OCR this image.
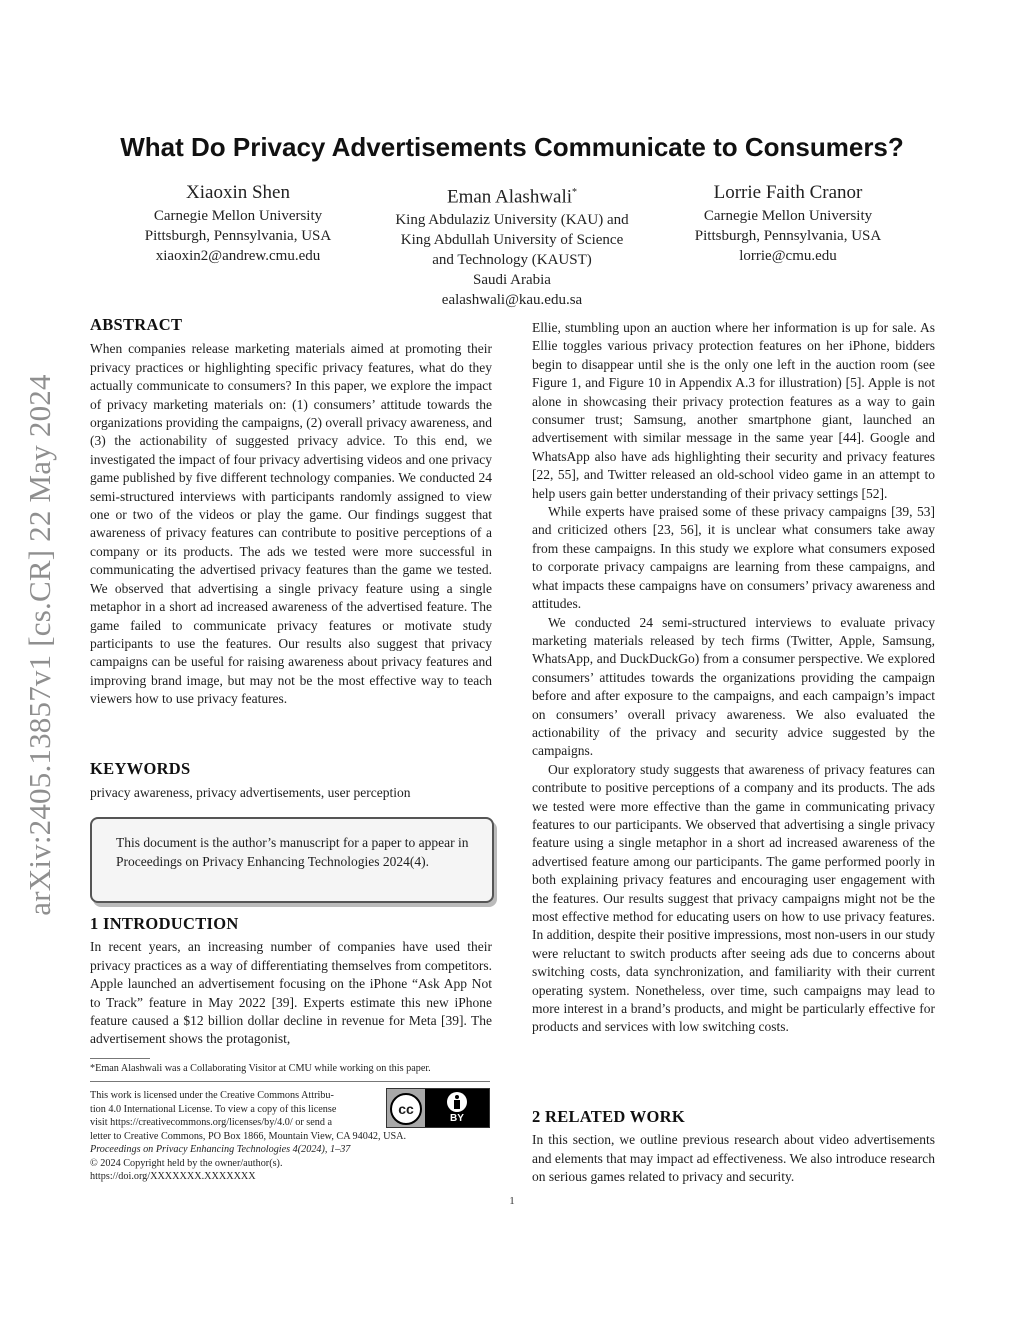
arXiv:2405.13857v1 [cs.CR] 22 May 2024
What Do Privacy Advertisements Communicate to Consumers?
Xiaoxin Shen
Carnegie Mellon University
Pittsburgh, Pennsylvania, USA
xiaoxin2@andrew.cmu.edu
Eman Alashwali*
King Abdulaziz University (KAU) and
King Abdullah University of Science
and Technology (KAUST)
Saudi Arabia
ealashwali@kau.edu.sa
Lorrie Faith Cranor
Carnegie Mellon University
Pittsburgh, Pennsylvania, USA
lorrie@cmu.edu
ABSTRACT

When companies release marketing materials aimed at promoting their privacy practices or highlighting specific privacy features, what do they actually communicate to consumers? In this paper, we explore the impact of privacy marketing materials on: (1) consumers’ attitude towards the organizations providing the campaigns, (2) overall privacy awareness, and (3) the actionability of suggested privacy advice. To this end, we investigated the impact of four privacy advertising videos and one privacy game published by five different technology companies. We conducted 24 semi-structured interviews with participants randomly assigned to view one or two of the videos or play the game. Our findings suggest that awareness of privacy features can contribute to positive perceptions of a company or its products. The ads we tested were more successful in communicating the advertised privacy features than the game we tested. We observed that advertising a single privacy feature using a single metaphor in a short ad increased awareness of the advertised feature. The game failed to communicate privacy features or motivate study participants to use the features. Our results also suggest that privacy campaigns can be useful for raising awareness about privacy features and improving brand image, but may not be the most effective way to teach viewers how to use privacy features.

KEYWORDS

privacy awareness, privacy advertisements, user perception

This document is the author’s manuscript for a paper to appear in Proceedings on Privacy Enhancing Technologies 2024(4).

1 INTRODUCTION

In recent years, an increasing number of companies have used their privacy practices as a way of differentiating themselves from competitors. Apple launched an advertisement focusing on the iPhone “Ask App Not to Track” feature in May 2022 [39]. Experts estimate this new iPhone feature caused a $12 billion dollar decline in revenue for Meta [39]. The advertisement shows the protagonist,

*Eman Alashwali was a Collaborating Visitor at CMU while working on this paper.
This work is licensed under the Creative Commons Attribu-
tion 4.0 International License. To view a copy of this license
visit https://creativecommons.org/licenses/by/4.0/ or send a
letter to Creative Commons, PO Box 1866, Mountain View, CA 94042, USA.
Proceedings on Privacy Enhancing Technologies 4(2024), 1–37
© 2024 Copyright held by the owner/author(s).
https://doi.org/XXXXXXX.XXXXXXX
cc
BY

Ellie, stumbling upon an auction where her information is up for sale. As Ellie toggles various privacy protection features on her iPhone, bidders begin to disappear until she is the only one left in the auction room (see Figure 1, and Figure 10 in Appendix A.3 for illustration) [5]. Apple is not alone in showcasing their privacy protection features as a way to gain consumer trust; Samsung, another smartphone giant, launched an advertisement with similar message in the same year [44]. Google and WhatsApp also have ads highlighting their security and privacy features [22, 55], and Twitter released an old-school video game in an attempt to help users gain better understanding of their privacy settings [52].

While experts have praised some of these privacy campaigns [39, 53] and criticized others [23, 56], it is unclear what consumers take away from these campaigns. In this study we explore what consumers exposed to corporate privacy campaigns are learning from these campaigns, and what impacts these campaigns have on consumers’ privacy awareness and attitudes.

We conducted 24 semi-structured interviews to evaluate privacy marketing materials released by tech firms (Twitter, Apple, Samsung, WhatsApp, and DuckDuckGo) from a consumer perspective. We explored consumers’ attitudes towards the organizations providing the campaign before and after exposure to the campaigns, and each campaign’s impact on consumers’ overall privacy awareness. We also evaluated the actionability of the privacy and security advice suggested by the campaigns.

Our exploratory study suggests that awareness of privacy features can contribute to positive perceptions of a company and its products. The ads we tested were more effective than the game in communicating privacy features to our participants. We observed that advertising a single privacy feature using a single metaphor in a short ad increased awareness of the advertised feature among our participants. The game performed poorly in both explaining privacy features and encouraging user engagement with the features. Our results suggest that privacy campaigns might not be the most effective method for educating users on how to use privacy features. In addition, despite their positive impressions, most non-users in our study were reluctant to switch products after seeing ads due to concerns about switching costs, data synchronization, and familiarity with their current operating system. Nonetheless, over time, such campaigns may lead to more interest in a brand’s products, and might be particularly effective for products and services with low switching costs.

2 RELATED WORK

In this section, we outline previous research about video advertisements and elements that may impact ad effectiveness. We also introduce research on serious games related to privacy and security.

1
